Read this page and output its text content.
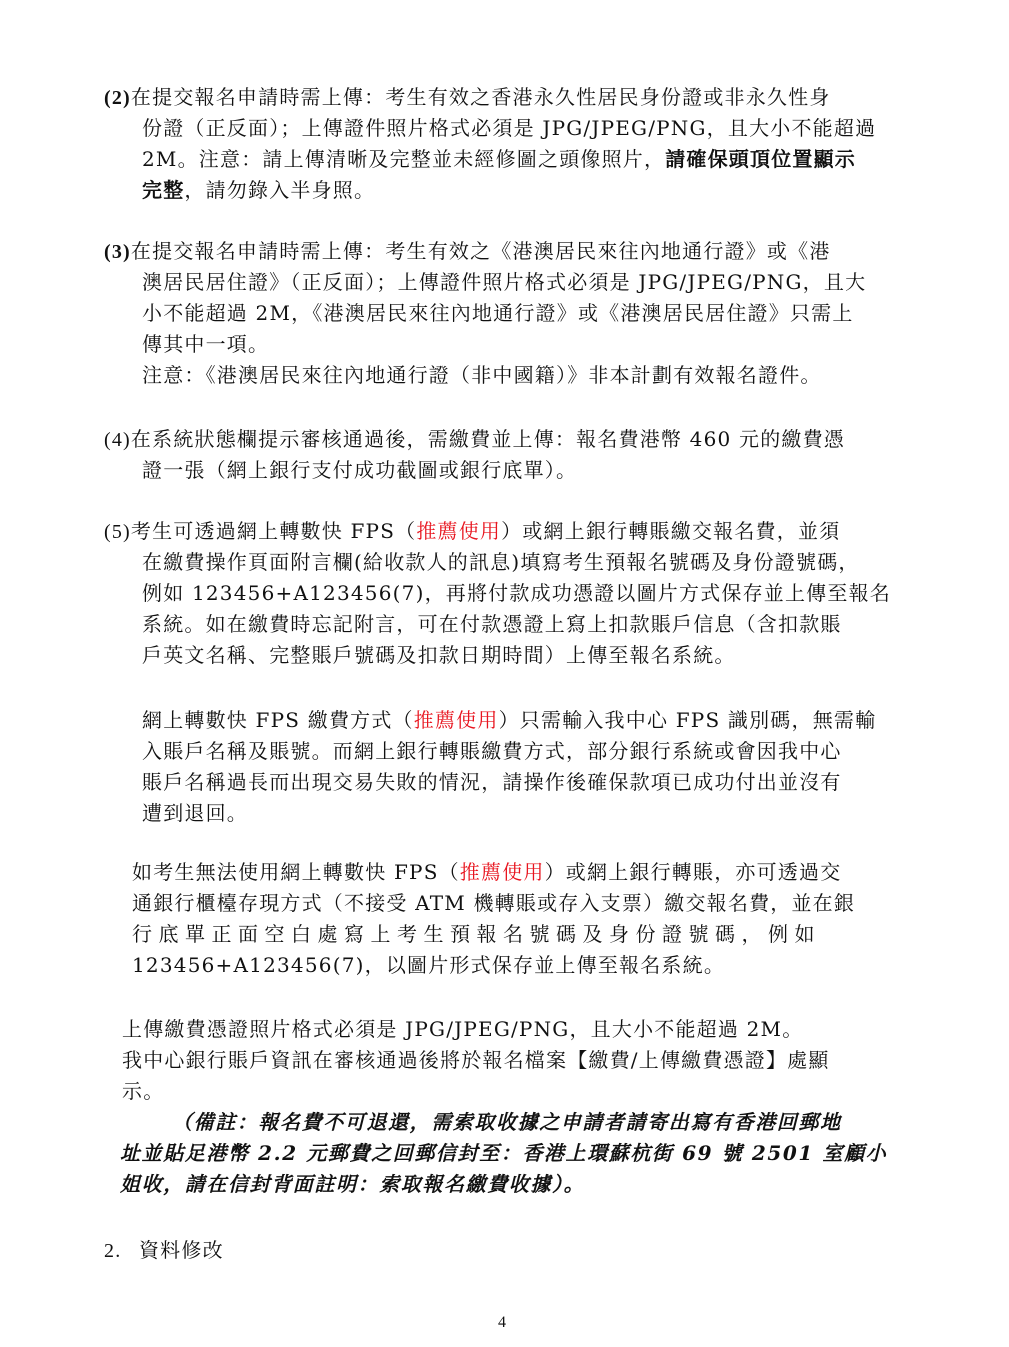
(2)在提交報名申請時需上傳：考生有效之香港永久性居民身份證或非永久性身
份證（正反面）；上傳證件照片格式必須是 JPG/JPEG/PNG，且大小不能超過
2M。注意：請上傳清晰及完整並未經修圖之頭像照片，請確保頭頂位置顯示
完整，請勿錄入半身照。
(3)在提交報名申請時需上傳：考生有效之《港澳居民來往內地通行證》或《港
澳居民居住證》（正反面）；上傳證件照片格式必須是 JPG/JPEG/PNG，且大
小不能超過 2M，《港澳居民來往內地通行證》或《港澳居民居住證》只需上
傳其中一項。
注意：《港澳居民來往內地通行證（非中國籍）》非本計劃有效報名證件。
(4)在系統狀態欄提示審核通過後，需繳費並上傳：報名費港幣 460 元的繳費憑
證一張（網上銀行支付成功截圖或銀行底單）。
(5)考生可透過網上轉數快 FPS（推薦使用）或網上銀行轉賬繳交報名費，並須
在繳費操作頁面附言欄(給收款人的訊息)填寫考生預報名號碼及身份證號碼，
例如 123456+A123456(7)，再將付款成功憑證以圖片方式保存並上傳至報名
系統。如在繳費時忘記附言，可在付款憑證上寫上扣款賬戶信息（含扣款賬
戶英文名稱、完整賬戶號碼及扣款日期時間）上傳至報名系統。
網上轉數快 FPS 繳費方式（推薦使用）只需輸入我中心 FPS 識別碼，無需輸
入賬戶名稱及賬號。而網上銀行轉賬繳費方式，部分銀行系統或會因我中心
賬戶名稱過長而出現交易失敗的情況，請操作後確保款項已成功付出並沒有
遭到退回。
如考生無法使用網上轉數快 FPS（推薦使用）或網上銀行轉賬，亦可透過交
通銀行櫃檯存現方式（不接受 ATM 機轉賬或存入支票）繳交報名費，並在銀
行底單正面空白處寫上考生預報名號碼及身份證號碼，例如
123456+A123456(7)，以圖片形式保存並上傳至報名系統。
上傳繳費憑證照片格式必須是 JPG/JPEG/PNG，且大小不能超過 2M。
我中心銀行賬戶資訊在審核通過後將於報名檔案【繳費/上傳繳費憑證】處顯
示。
（備註：報名費不可退還，需索取收據之申請者請寄出寫有香港回郵地
址並貼足港幣 2.2 元郵費之回郵信封至：香港上環蘇杭街 69 號 2501 室顧小
姐收，請在信封背面註明：索取報名繳費收據）。
2. 資料修改
4
